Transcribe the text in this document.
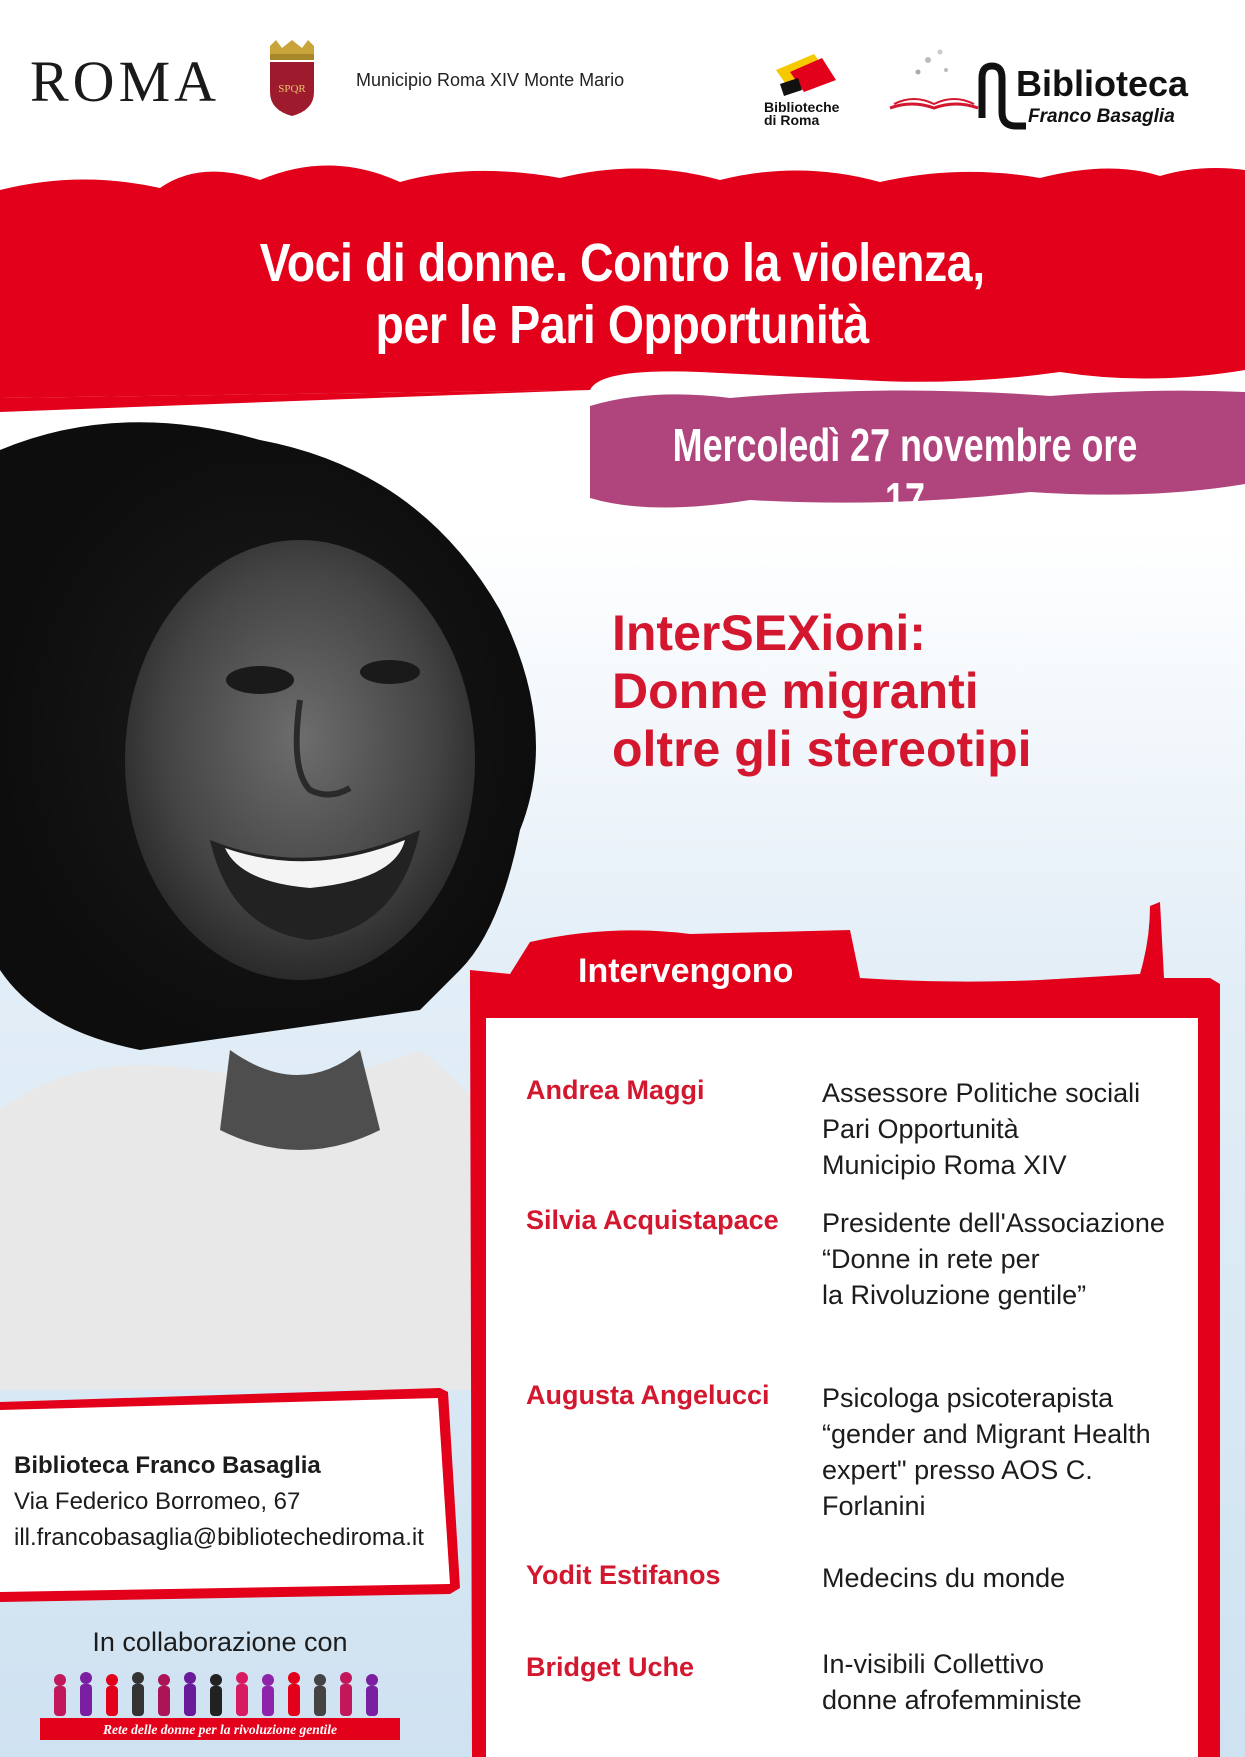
ROMA	SPQR	Municipio Roma XIV Monte Mario
Biblioteche
di Roma
Biblioteca
Franco Basaglia
Voci di donne. Contro la violenza,
per le Pari Opportunità
Mercoledì 27 novembre ore 17
InterSEXioni:
Donne migranti
oltre gli stereotipi
Intervengono
Andrea Maggi	Assessore Politiche sociali
Pari Opportunità
Municipio Roma XIV
Silvia Acquistapace	Presidente dell'Associazione
“Donne in rete per
la Rivoluzione gentile”
Augusta Angelucci	Psicologa psicoterapista
“gender and Migrant Health
expert" presso AOS C.
Forlanini
Yodit Estifanos	Medecins du monde
Bridget Uche	In-visibili Collettivo
donne afrofemministe
Biblioteca Franco Basaglia
Via Federico Borromeo, 67
ill.francobasaglia@bibliotechediroma.it
In collaborazione con
Rete delle donne per la rivoluzione gentile
